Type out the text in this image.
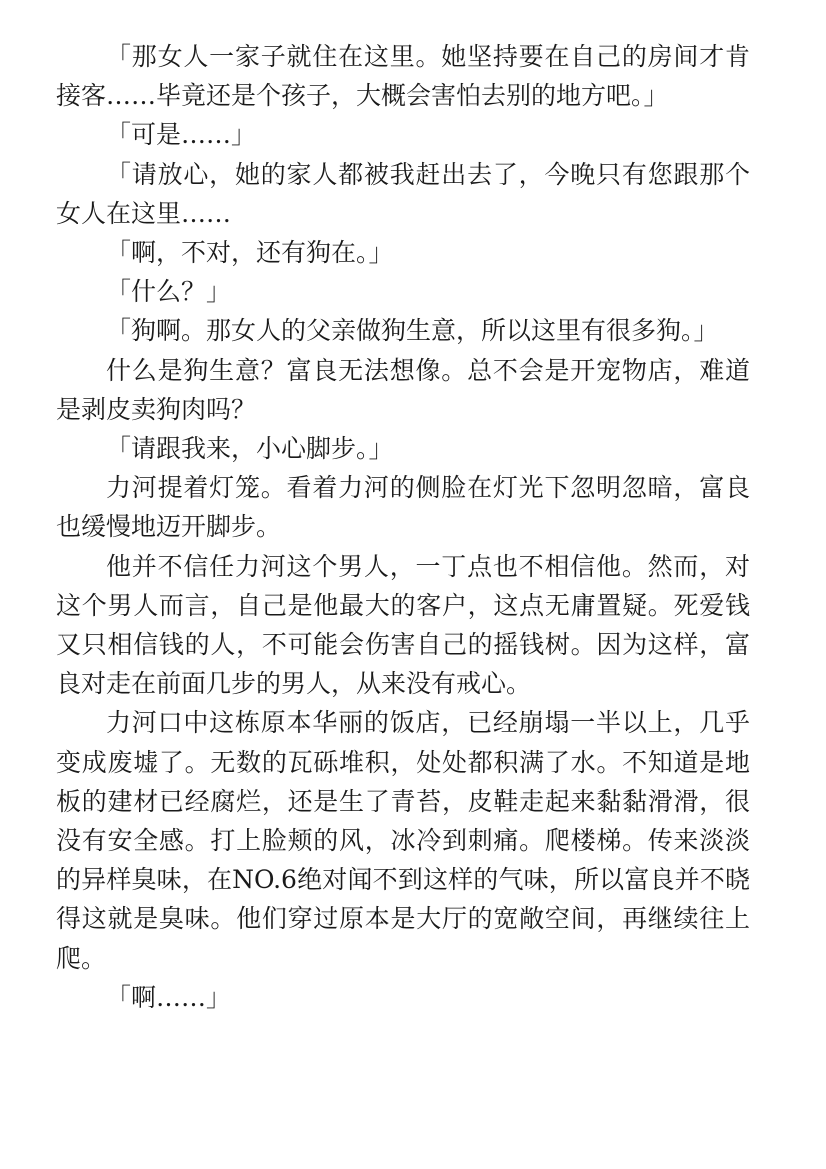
「那女人一家子就住在这里。她坚持要在自己的房间才肯接客……毕竟还是个孩子，大概会害怕去别的地方吧。」

「可是……」

「请放心，她的家人都被我赶出去了，今晚只有您跟那个女人在这里……

「啊，不对，还有狗在。」

「什么？」

「狗啊。那女人的父亲做狗生意，所以这里有很多狗。」

什么是狗生意？富良无法想像。总不会是开宠物店，难道是剥皮卖狗肉吗？

「请跟我来，小心脚步。」

力河提着灯笼。看着力河的侧脸在灯光下忽明忽暗，富良也缓慢地迈开脚步。

他并不信任力河这个男人，一丁点也不相信他。然而，对这个男人而言，自己是他最大的客户，这点无庸置疑。死爱钱又只相信钱的人，不可能会伤害自己的摇钱树。因为这样，富良对走在前面几步的男人，从来没有戒心。

力河口中这栋原本华丽的饭店，已经崩塌一半以上，几乎变成废墟了。无数的瓦砾堆积，处处都积满了水。不知道是地板的建材已经腐烂，还是生了青苔，皮鞋走起来黏黏滑滑，很没有安全感。打上脸颊的风，冰冷到刺痛。爬楼梯。传来淡淡的异样臭味，在NO.6绝对闻不到这样的气味，所以富良并不晓得这就是臭味。他们穿过原本是大厅的宽敞空间，再继续往上爬。

「啊……」
